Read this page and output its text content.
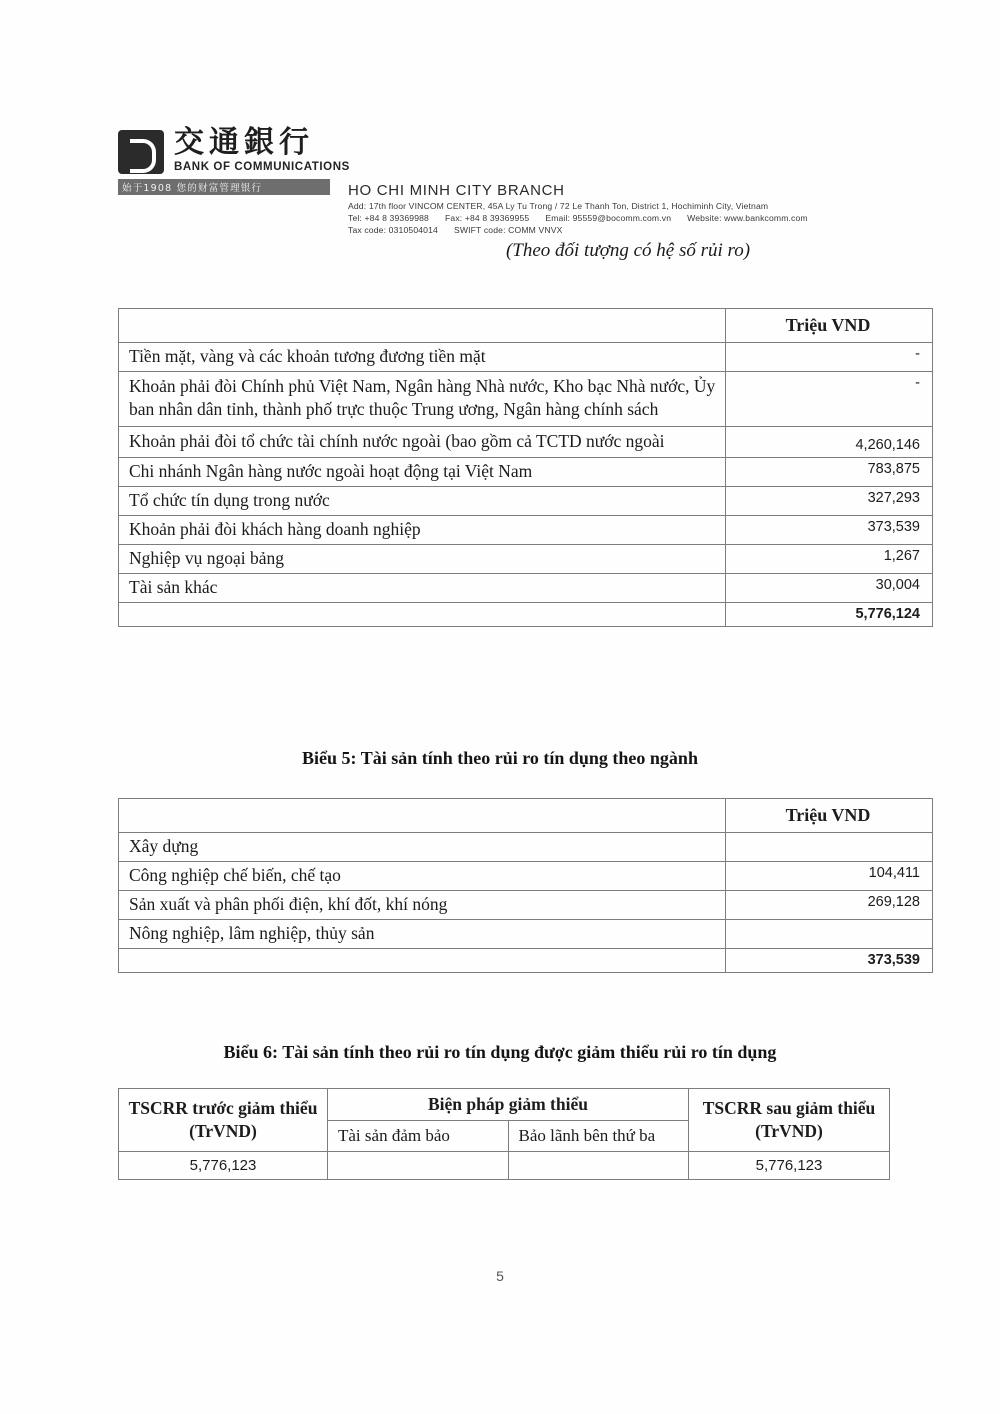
交通銀行
BANK OF COMMUNICATIONS
始于1908 您的财富管理银行	HO CHI MINH CITY BRANCH
Add: 17th floor VINCOM CENTER, 45A Ly Tu Trong / 72 Le Thanh Ton, District 1, Hochiminh City, Vietnam
Tel: +84 8 39369988 Fax: +84 8 39369955 Email: 95559@bocomm.com.vn Website: www.bankcomm.com
Tax code: 0310504014 SWIFT code: COMM VNVX
(Theo đối tượng có hệ số rủi ro)
	Triệu VND
Tiền mặt, vàng và các khoản tương đương tiền mặt	-
Khoản phải đòi Chính phủ Việt Nam, Ngân hàng Nhà nước, Kho bạc Nhà nước, Ủy ban nhân dân tỉnh, thành phố trực thuộc Trung ương, Ngân hàng chính sách	-
Khoản phải đòi tổ chức tài chính nước ngoài (bao gồm cả TCTD nước ngoài	4,260,146
Chi nhánh Ngân hàng nước ngoài hoạt động tại Việt Nam	783,875
Tổ chức tín dụng trong nước	327,293
Khoản phải đòi khách hàng doanh nghiệp	373,539
Nghiệp vụ ngoại bảng	1,267
Tài sản khác	30,004
	5,776,124
Biểu 5: Tài sản tính theo rủi ro tín dụng theo ngành
	Triệu VND
Xây dựng	
Công nghiệp chế biến, chế tạo	104,411
Sản xuất và phân phối điện, khí đốt, khí nóng	269,128
Nông nghiệp, lâm nghiệp, thủy sản	
	373,539
Biểu 6: Tài sản tính theo rủi ro tín dụng được giảm thiểu rủi ro tín dụng
TSCRR trước giảm thiểu (TrVND)	Biện pháp giảm thiểu		TSCRR sau giảm thiểu (TrVND)
	Tài sản đảm bảo	Bảo lãnh bên thứ ba	
5,776,123			5,776,123
5
